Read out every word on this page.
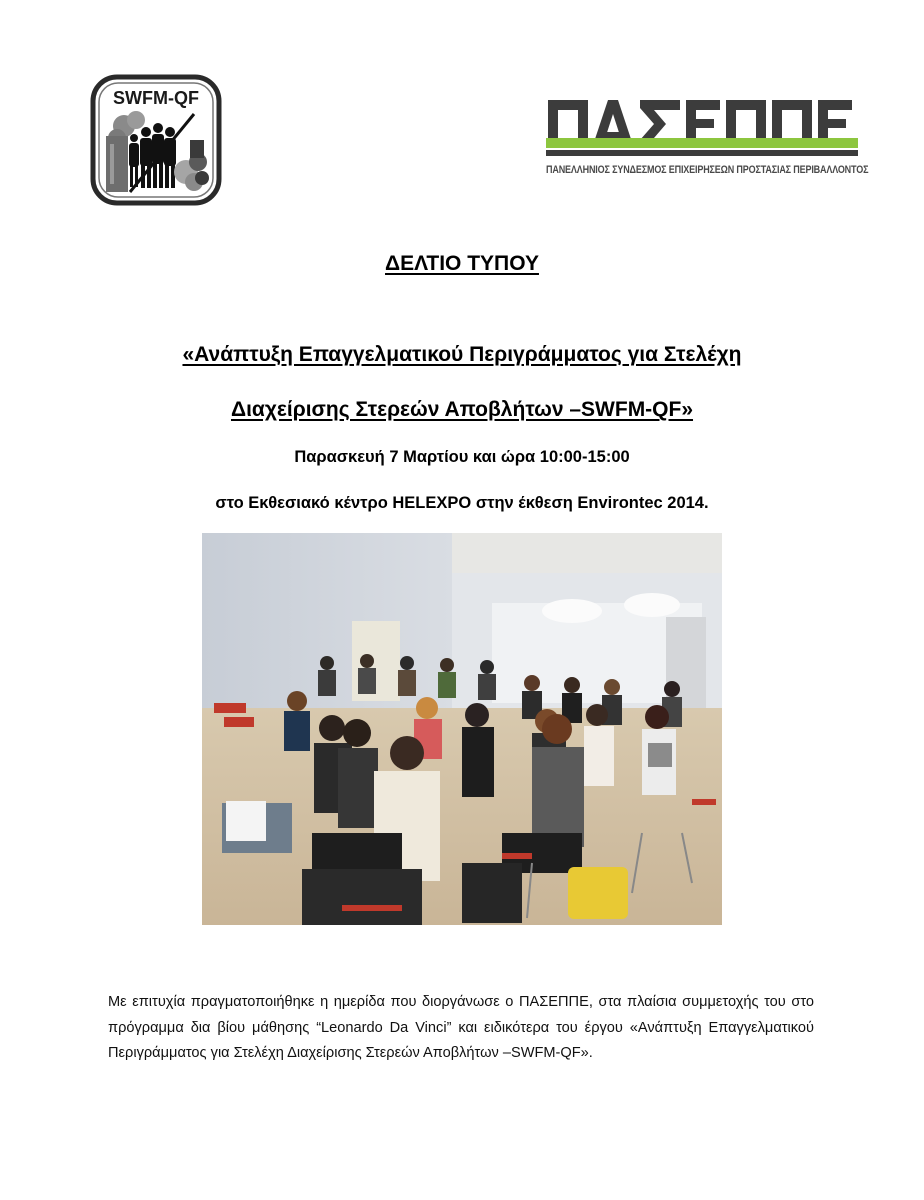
SWFM-QF
ΠΑΝΕΛΛΗΝΙΟΣ ΣΥΝΔΕΣΜΟΣ ΕΠΙΧΕΙΡΗΣΕΩΝ ΠΡΟΣΤΑΣΙΑΣ ΠΕΡΙΒΑΛΛΟΝΤΟΣ
ΔΕΛΤΙΟ ΤΥΠΟΥ
«Ανάπτυξη Επαγγελματικού Περιγράμματος για Στελέχη
Διαχείρισης Στερεών Αποβλήτων –SWFM-QF»
Παρασκευή 7 Μαρτίου και ώρα 10:00-15:00
στο Εκθεσιακό κέντρο HELEXPO στην έκθεση Environtec 2014.
Με επιτυχία πραγματοποιήθηκε η ημερίδα που διοργάνωσε ο ΠΑΣΕΠΠΕ, στα πλαίσια συμμετοχής του στο πρόγραμμα δια βίου μάθησης “Leonardo Da Vinci” και ειδικότερα του έργου «Ανάπτυξη Επαγγελματικού Περιγράμματος για Στελέχη Διαχείρισης Στερεών Αποβλήτων –SWFM-QF».
